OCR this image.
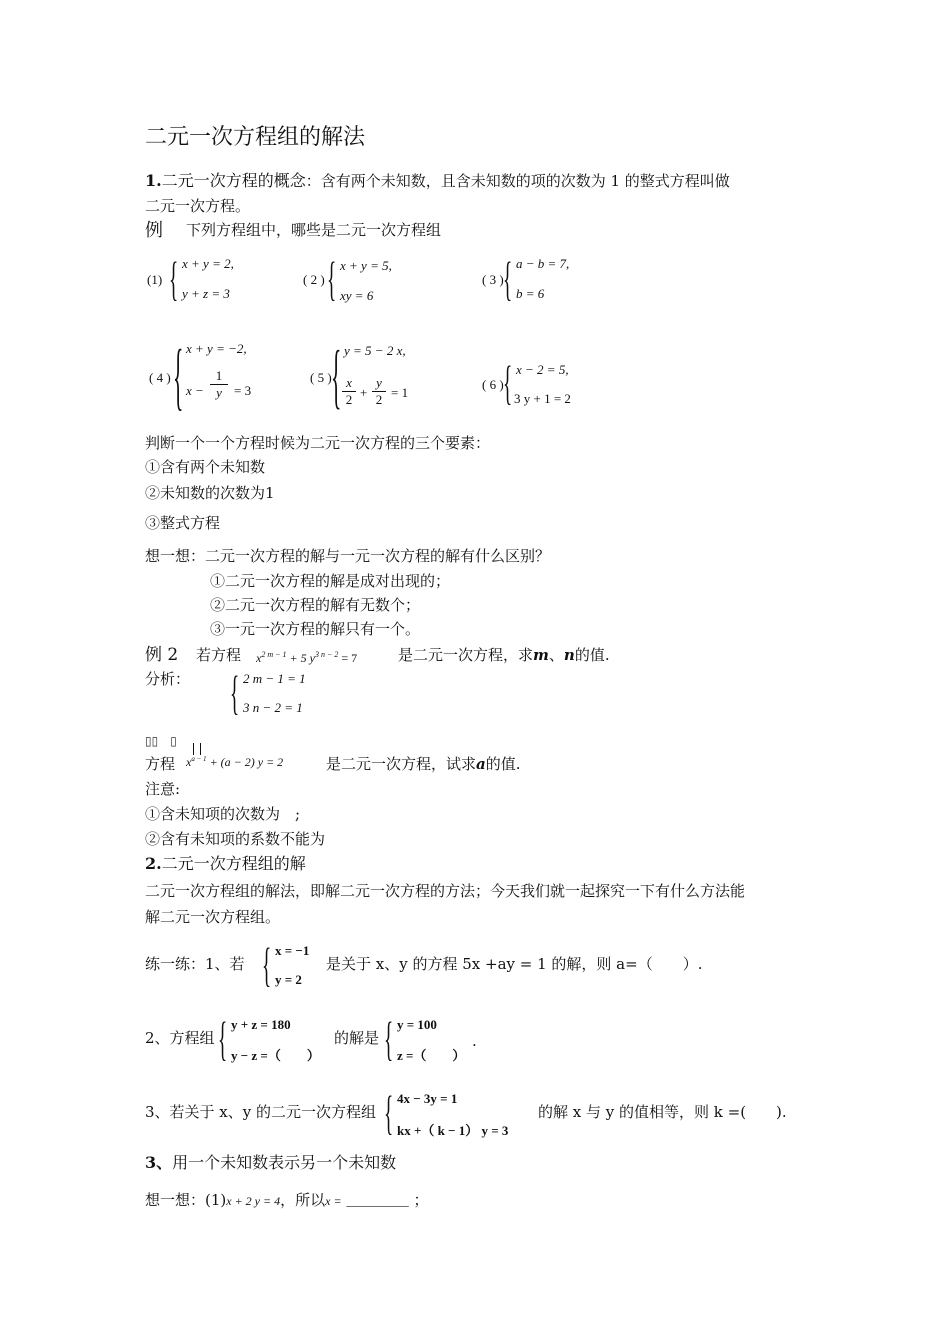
二元一次方程组的解法
1.二元一次方程的概念：含有两个未知数，且含未知数的项的次数为 1 的整式方程叫做
二元一次方程。
例 下列方程组中，哪些是二元一次方程组
(1) { x + y = 2,
y + z = 3
( 2 ) { x + y = 5,
xy = 6
( 3 ) { a − b = 7,
b = 6
( 4 ) { x + y = −2,
$x - \frac{1}{y} = 3$
( 5 ) { y = 5 − 2 x,
$\frac{x}{2} + \frac{y}{2} = 1$
( 6 ) { x − 2 = 5,
3 y + 1 = 2
判断一个一个方程时候为二元一次方程的三个要素：
①含有两个未知数
②未知数的次数为1
③整式方程
想一想：二元一次方程的解与一元一次方程的解有什么区别？
①二元一次方程的解是成对出现的；
②二元一次方程的解有无数个；
③一元一次方程的解只有一个。
例 2 若方程 $x^{2 m - 1} + 5$ $y^{3 n - 2} = 7$	是二元一次方程，求m、n的值.
分析： { 2 m − 1 = 1
3 n − 2 = 1
▯▯　▯
方程 x
$^{a - 1}$ + (a − 2) y = 2	是二元一次方程，试求a的值.
注意:
①含未知项的次数为　;
②含有未知项的系数不能为
2.二元一次方程组的解
二元一次方程组的解法，即解二元一次方程的方法；今天我们就一起探究一下有什么方法能
解二元一次方程组。
练一练：1、若 { x = −1
y = 2
是关于 x、y 的方程 5x +ay = 1 的解，则 a=（　　）.
2、方程组 { y + z = 180
y − z =（　　）
的解是 { y = 100
z =（　　）
.
3、若关于 x、y 的二元一次方程组 { 4x − 3y = 1
kx +（ k − 1） y = 3
的解 x 与 y 的值相等，则 k =(　　).
3、用一个未知数表示另一个未知数
想一想：(1)x + 2 y = 4，所以x = ________ ；
